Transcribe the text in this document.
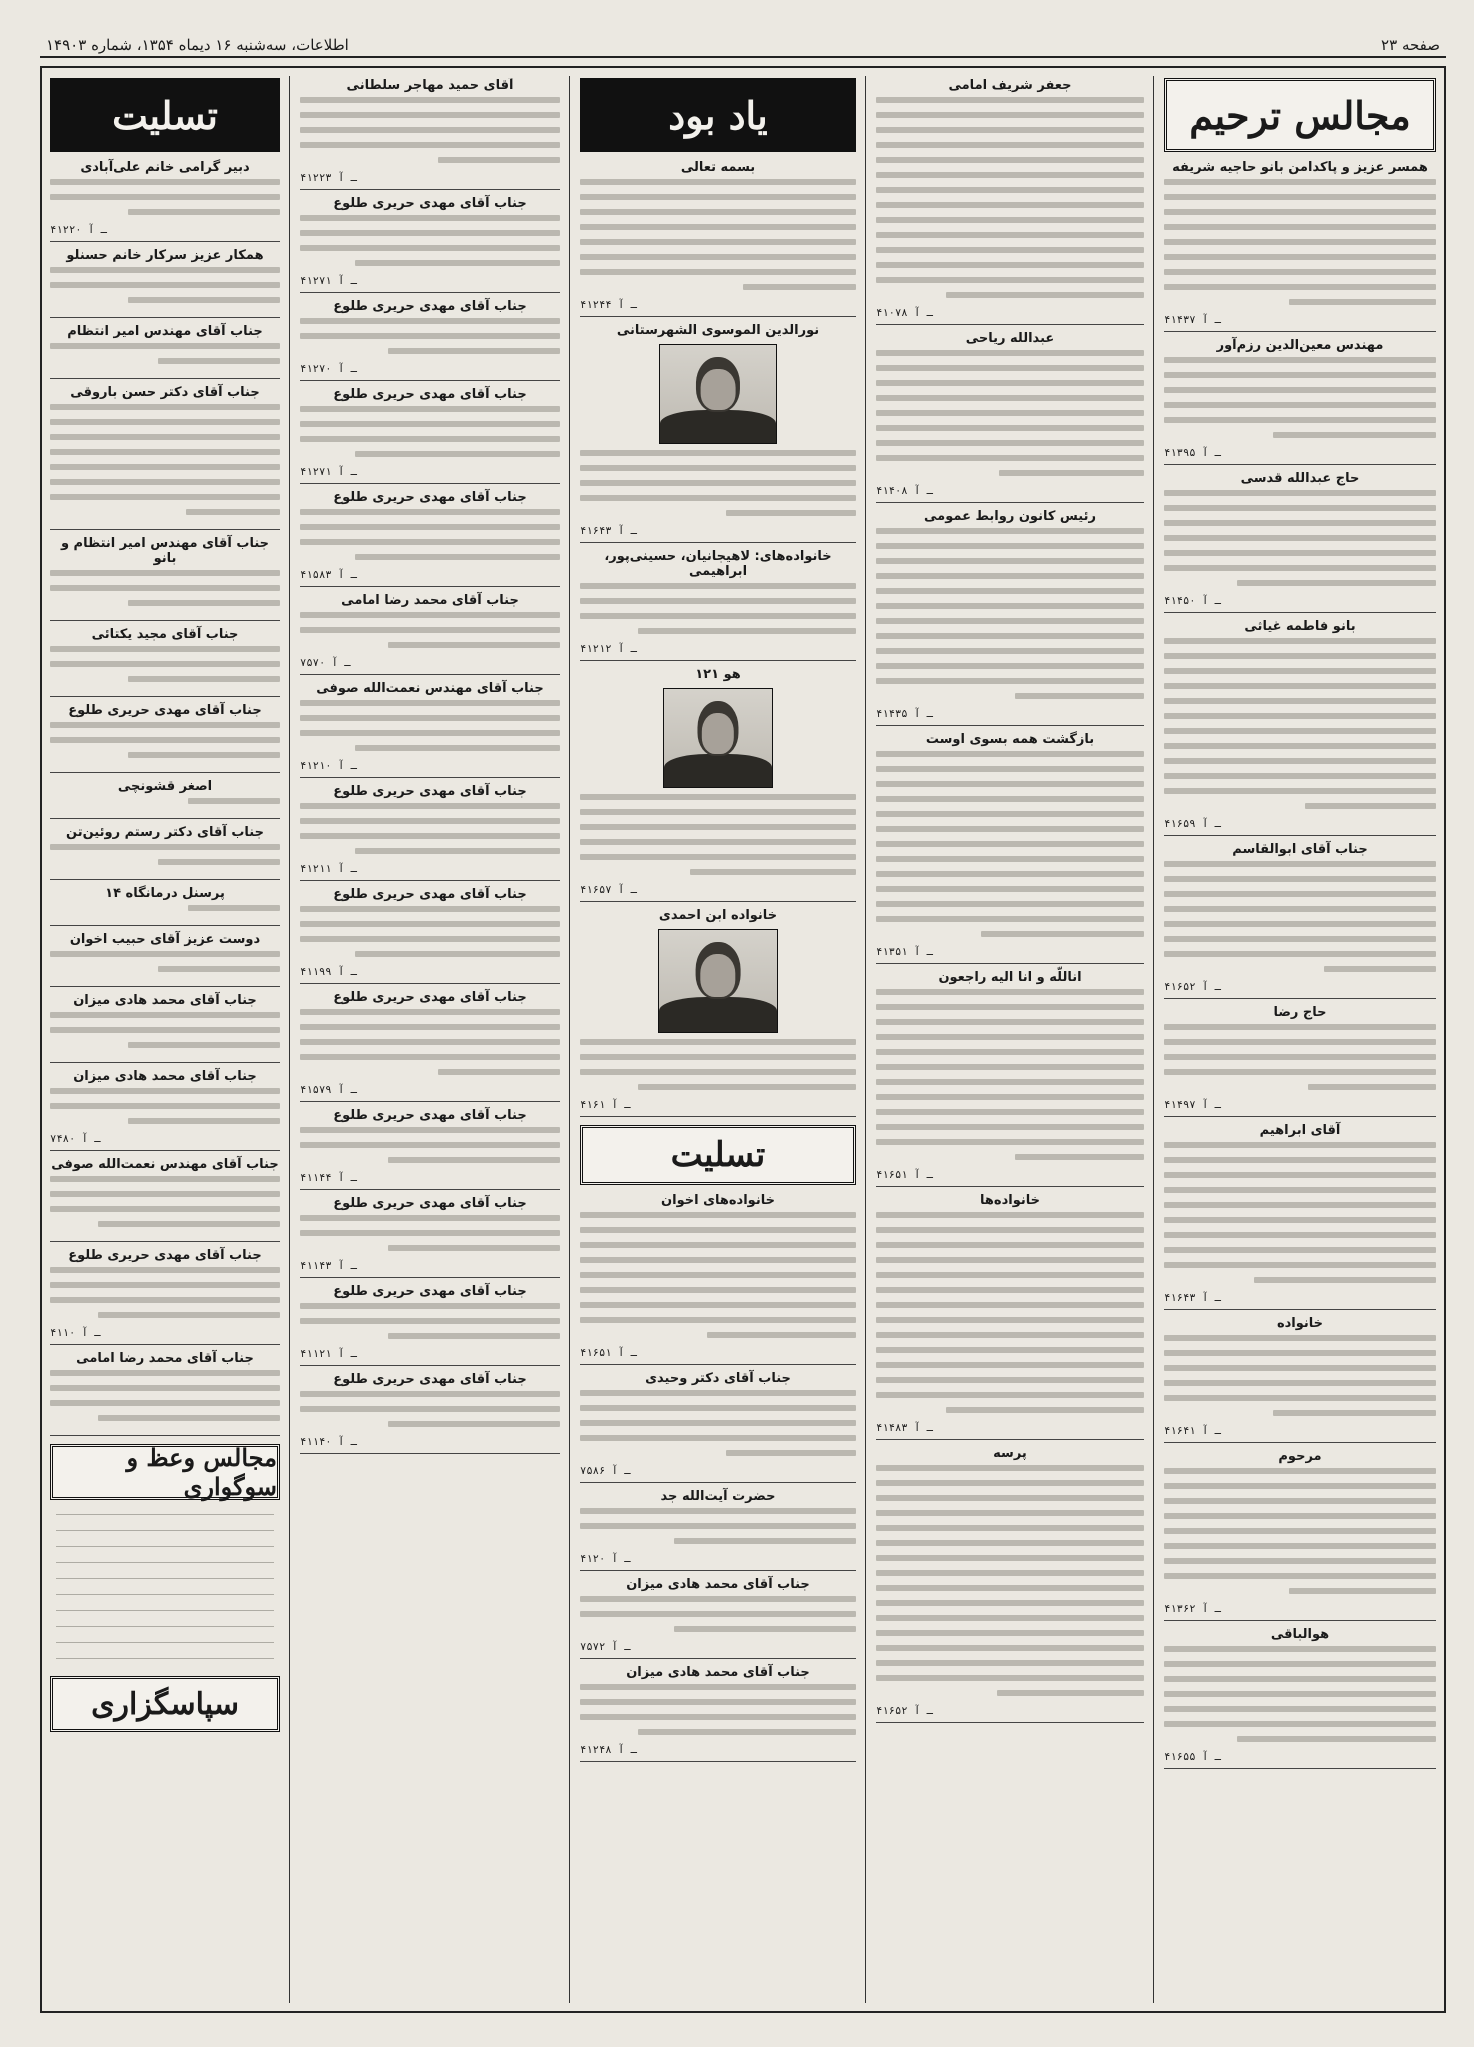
صفحه ۲۳
اطلاعات، سه‌شنبه ۱۶ دیماه ۱۳۵۴، شماره ۱۴۹۰۳
مجالس ترحیم
همسر عزیز و پاکدامن بانو حاجیه شریفه
۴۱۴۳۷ ـ آ
مهندس معین‌الدین رزم‌آور
۴۱۳۹۵ ـ آ
حاج عبدالله قدسی
۴۱۴۵۰ ـ آ
بانو فاطمه غیاثی
۴۱۶۵۹ ـ آ
جناب آقای ابوالقاسم
۴۱۶۵۲ ـ آ
حاج رضا
۴۱۴۹۷ ـ آ
آقای ابراهیم
۴۱۶۴۳ ـ آ
خانواده
۴۱۶۴۱ ـ آ
مرحوم
۴۱۳۶۲ ـ آ
هوالباقی
۴۱۶۵۵ ـ آ
جعفر شریف امامی
۴۱۰۷۸ ـ آ
عبدالله ریاحی
۴۱۴۰۸ ـ آ
رئیس کانون روابط عمومی
۴۱۴۳۵ ـ آ
بازگشت همه بسوی اوست
۴۱۳۵۱ ـ آ
اناللّه و انا الیه راجعون
۴۱۶۵۱ ـ آ
خانواده‌ها
۴۱۴۸۳ ـ آ
پرسه
۴۱۶۵۲ ـ آ
یاد بود
بسمه تعالی
۴۱۲۴۴ ـ آ
نورالدین الموسوی الشهرستانی
۴۱۶۴۳ ـ آ
خانواده‌های: لاهیجانیان، حسینی‌پور، ابراهیمی
۴۱۲۱۲ ـ آ
هو ۱۲۱
۴۱۶۵۷ ـ آ
خانواده ابن احمدی
۴۱۶۱ ـ آ
تسلیت
خانواده‌های اخوان
۴۱۶۵۱ ـ آ
جناب آقای دکتر وحیدی
۷۵۸۶ ـ آ
حضرت آیت‌الله جد
۴۱۲۰ ـ آ
جناب آقای محمد هادی میزان
۷۵۷۲ ـ آ
جناب آقای محمد هادی میزان
۴۱۲۴۸ ـ آ
آقای حمید مهاجر سلطانی
۴۱۲۲۳ ـ آ
جناب آقای مهدی حریری طلوع
۴۱۲۷۱ ـ آ
جناب آقای مهدی حریری طلوع
۴۱۲۷۰ ـ آ
جناب آقای مهدی حریری طلوع
۴۱۲۷۱ ـ آ
جناب آقای مهدی حریری طلوع
۴۱۵۸۳ ـ آ
جناب آقای محمد رضا امامی
۷۵۷۰ ـ آ
جناب آقای مهندس نعمت‌الله صوفی
۴۱۲۱۰ ـ آ
جناب آقای مهدی حریری طلوع
۴۱۲۱۱ ـ آ
جناب آقای مهدی حریری طلوع
۴۱۱۹۹ ـ آ
جناب آقای مهدی حریری طلوع
۴۱۵۷۹ ـ آ
جناب آقای مهدی حریری طلوع
۴۱۱۴۴ ـ آ
جناب آقای مهدی حریری طلوع
۴۱۱۴۳ ـ آ
جناب آقای مهدی حریری طلوع
۴۱۱۲۱ ـ آ
جناب آقای مهدی حریری طلوع
۴۱۱۴۰ ـ آ
تسلیت
دبیر گرامی خانم علی‌آبادی
۴۱۲۲۰ ـ آ
همکار عزیز سرکار خانم حسنلو
جناب آقای مهندس امیر انتظام
جناب آقای دکتر حسن باروقی
جناب آقای مهندس امیر انتظام و بانو
جناب آقای مجید یکتائی
جناب آقای مهدی حریری طلوع
اصغر قشونچی
جناب آقای دکتر رستم روئین‌تن
پرسنل درمانگاه ۱۴
دوست عزیز آقای حبیب اخوان
جناب آقای محمد هادی میزان
جناب آقای محمد هادی میزان
۷۴۸۰ ـ آ
جناب آقای مهندس نعمت‌الله صوفی
جناب آقای مهدی حریری طلوع
۴۱۱۰ ـ آ
جناب آقای محمد رضا امامی
مجالس وعظ و سوگواری
سپاسگزاری
